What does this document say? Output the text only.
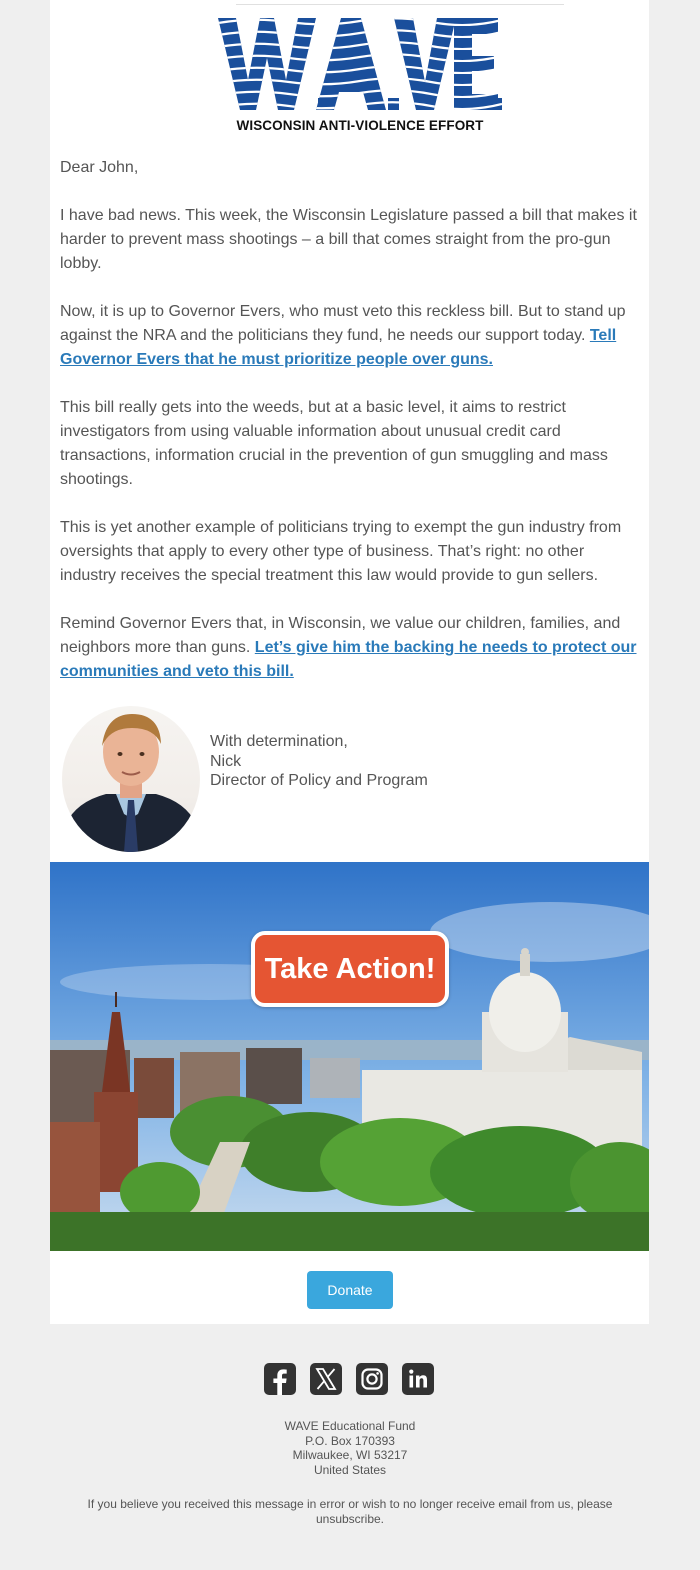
WISCONSIN ANTI-VIOLENCE EFFORT

Dear John,

I have bad news. This week, the Wisconsin Legislature passed a bill that makes it harder to prevent mass shootings – a bill that comes straight from the pro-gun lobby.

Now, it is up to Governor Evers, who must veto this reckless bill. But to stand up against the NRA and the politicians they fund, he needs our support today. Tell Governor Evers that he must prioritize people over guns.

This bill really gets into the weeds, but at a basic level, it aims to restrict investigators from using valuable information about unusual credit card transactions, information crucial in the prevention of gun smuggling and mass shootings.

This is yet another example of politicians trying to exempt the gun industry from oversights that apply to every other type of business. That’s right: no other industry receives the special treatment this law would provide to gun sellers.

Remind Governor Evers that, in Wisconsin, we value our children, families, and neighbors more than guns. Let’s give him the backing he needs to protect our communities and veto this bill.

With determination,
Nick
Director of Policy and Program
Take Action!
Donate
WAVE Educational Fund
P.O. Box 170393
Milwaukee, WI 53217
United States
If you believe you received this message in error or wish to no longer receive email from us, please unsubscribe.
